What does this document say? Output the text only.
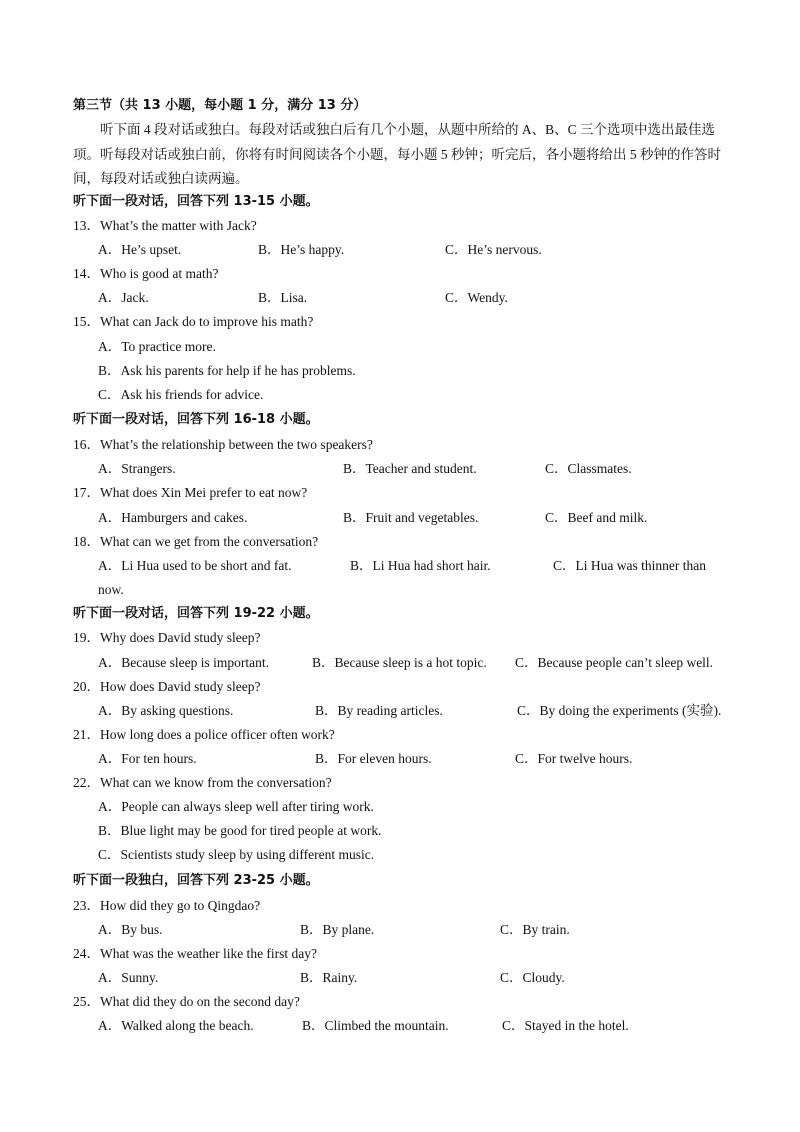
第三节（共 13 小题，每小题 1 分，满分 13 分）
听下面 4 段对话或独白。每段对话或独白后有几个小题，从题中所给的 A、B、C 三个选项中选出最佳选项。听每段对话或独白前，你将有时间阅读各个小题，每小题 5 秒钟；听完后，各小题将给出 5 秒钟的作答时间，每段对话或独白读两遍。
听下面一段对话，回答下列 13-15 小题。
13．What’s the matter with Jack?
A．He’s upset.	B．He’s happy.	C．He’s nervous.
14．Who is good at math?
A．Jack.	B．Lisa.	C．Wendy.
15．What can Jack do to improve his math?
A．To practice more.
B．Ask his parents for help if he has problems.
C．Ask his friends for advice.
听下面一段对话，回答下列 16-18 小题。
16．What’s the relationship between the two speakers?
A．Strangers.	B．Teacher and student.	C．Classmates.
17．What does Xin Mei prefer to eat now?
A．Hamburgers and cakes.	B．Fruit and vegetables.	C．Beef and milk.
18．What can we get from the conversation?
A．Li Hua used to be short and fat.	B．Li Hua had short hair.	C．Li Hua was thinner than
now.
听下面一段对话，回答下列 19-22 小题。
19．Why does David study sleep?
A．Because sleep is important.	B．Because sleep is a hot topic. C．Because people can’t sleep well.
20．How does David study sleep?
A．By asking questions.	B．By reading articles.	C．By doing the experiments (实验).
21．How long does a police officer often work?
A．For ten hours.	B．For eleven hours.	C．For twelve hours.
22．What can we know from the conversation?
A．People can always sleep well after tiring work.
B．Blue light may be good for tired people at work.
C．Scientists study sleep by using different music.
听下面一段独白，回答下列 23-25 小题。
23．How did they go to Qingdao?
A．By bus.	B．By plane.	C．By train.
24．What was the weather like the first day?
A．Sunny.	B．Rainy.	C．Cloudy.
25．What did they do on the second day?
A．Walked along the beach.	B．Climbed the mountain.	C．Stayed in the hotel.
